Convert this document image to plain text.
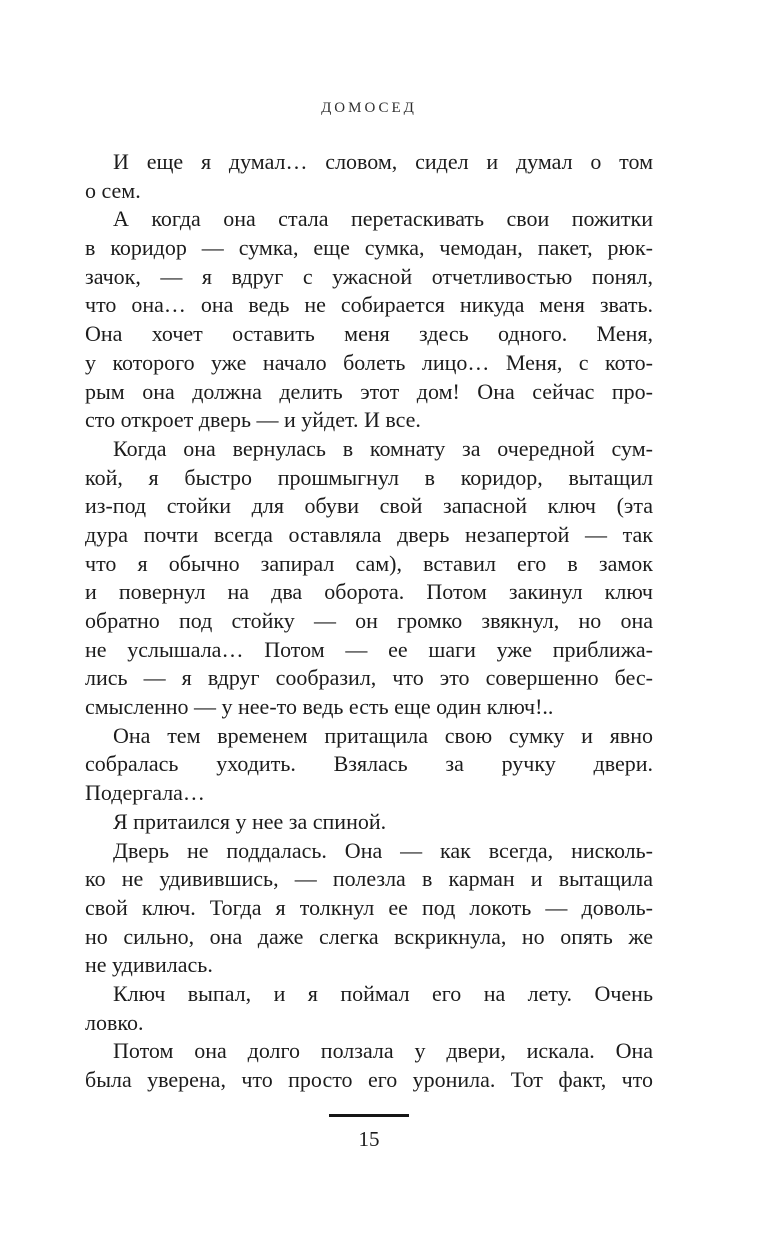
ДОМОСЕД
И еще я думал… словом, сидел и думал о том
о сем.
А когда она стала перетаскивать свои пожитки
в коридор — сумка, еще сумка, чемодан, пакет, рюк-
зачок, — я вдруг с ужасной отчетливостью понял,
что она… она ведь не собирается никуда меня звать.
Она хочет оставить меня здесь одного. Меня,
у которого уже начало болеть лицо… Меня, с кото-
рым она должна делить этот дом! Она сейчас про-
сто откроет дверь — и уйдет. И все.
Когда она вернулась в комнату за очередной сум-
кой, я быстро прошмыгнул в коридор, вытащил
из-под стойки для обуви свой запасной ключ (эта
дура почти всегда оставляла дверь незапертой — так
что я обычно запирал сам), вставил его в замок
и повернул на два оборота. Потом закинул ключ
обратно под стойку — он громко звякнул, но она
не услышала… Потом — ее шаги уже приближа-
лись — я вдруг сообразил, что это совершенно бес-
смысленно — у нее-то ведь есть еще один ключ!..
Она тем временем притащила свою сумку и явно
собралась уходить. Взялась за ручку двери.
Подергала…
Я притаился у нее за спиной.
Дверь не поддалась. Она — как всегда, нисколь-
ко не удивившись, — полезла в карман и вытащила
свой ключ. Тогда я толкнул ее под локоть — доволь-
но сильно, она даже слегка вскрикнула, но опять же
не удивилась.
Ключ выпал, и я поймал его на лету. Очень
ловко.
Потом она долго ползала у двери, искала. Она
была уверена, что просто его уронила. Тот факт, что
15
